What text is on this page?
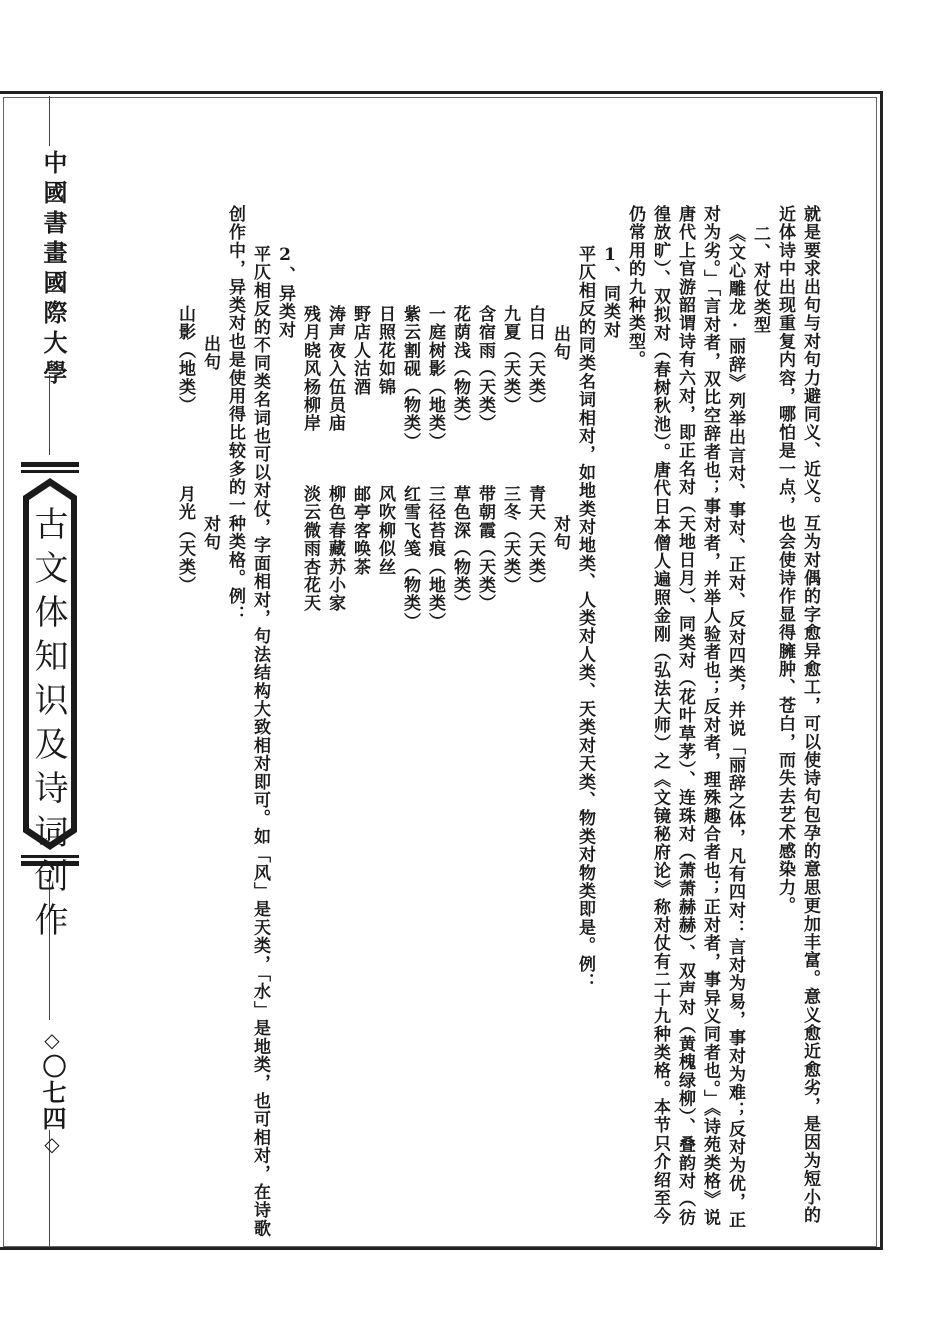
中國書畫國際大學
古文体知识及诗词创作
◇〇七四◇	就是要求出句与对句力避同义、近义。互为对偶的字愈异愈工，可以使诗句包孕的意思更加丰富。意义愈近愈劣，是因为短小的
近体诗中出现重复内容，哪怕是一点，也会使诗作显得臃肿、苍白，而失去艺术感染力。
二、对仗类型
《文心雕龙·丽辞》列举出言对、事对、正对、反对四类，并说「丽辞之体，凡有四对：言对为易，事对为难；反对为优，正
对为劣。」「言对者，双比空辞者也；事对者，并举人验者也；反对者，理殊趣合者也；正对者，事异义同者也。」《诗苑类格》说
唐代上官游韶谓诗有六对，即正名对（天地日月）、同类对（花叶草茅）、连珠对（萧萧赫赫）、双声对（黄槐绿柳）、叠韵对（彷
徨放旷）、双拟对（春树秋池）。唐代日本僧人遍照金刚（弘法大师）之《文镜秘府论》称对仗有二十九种类格。本节只介绍至今
仍常用的九种类型。
1、同类对
平仄相反的同类名词相对，如地类对地类、人类对人类、天类对天类、物类对物类即是。例：
出句
对句
白日（天类）
青天（天类）
九夏（天类）
三冬（天类）
含宿雨（天类）
带朝霞（天类）
花荫浅（物类）
草色深（物类）
一庭树影（地类）
三径苔痕（地类）
紫云割砚（物类）
红雪飞笺（物类）
日照花如锦
风吹柳似丝
野店人沽酒
邮亭客唤茶
涛声夜入伍员庙
柳色春藏苏小家
残月晓风杨柳岸
淡云微雨杏花天
2、异类对
平仄相反的不同类名词也可以对仗，字面相对，句法结构大致相对即可。如「风」是天类，「水」是地类，也可相对，在诗歌
创作中，异类对也是使用得比较多的一种类格。例：
出句
对句
山影（地类）
月光（天类）
